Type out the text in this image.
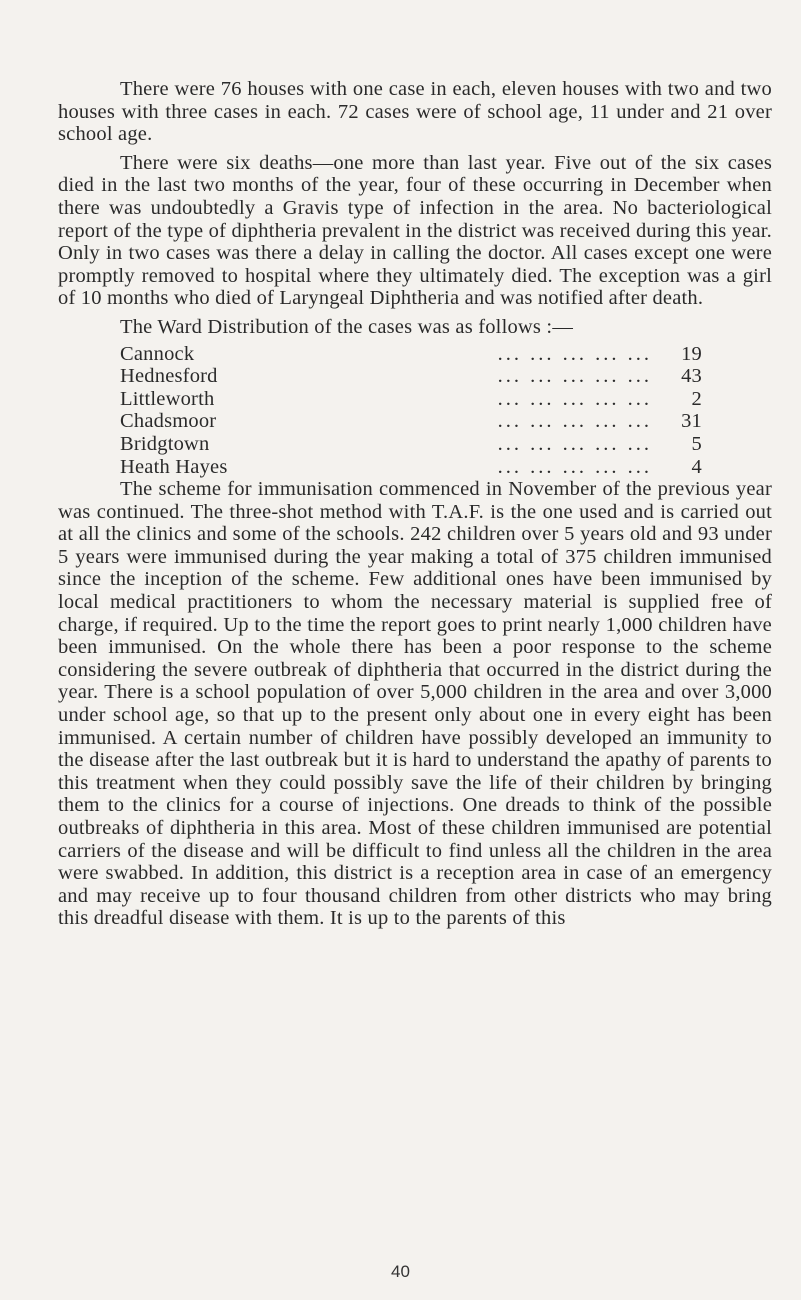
There were 76 houses with one case in each, eleven houses with two and two houses with three cases in each. 72 cases were of school age, 11 under and 21 over school age.

There were six deaths—one more than last year. Five out of the six cases died in the last two months of the year, four of these occurring in December when there was undoubtedly a Gravis type of infection in the area. No bacteriological report of the type of diphtheria prevalent in the district was received during this year. Only in two cases was there a delay in calling the doctor. All cases except one were promptly removed to hospital where they ultimately died. The exception was a girl of 10 months who died of Laryngeal Diphtheria and was notified after death.

The Ward Distribution of the cases was as follows :—

Cannock	... ... ... ... ...	19
Hednesford	... ... ... ... ...	43
Littleworth	... ... ... ... ...	2
Chadsmoor	... ... ... ... ...	31
Bridgtown	... ... ... ... ...	5
Heath Hayes	... ... ... ... ...	4

The scheme for immunisation commenced in November of the previous year was continued. The three-shot method with T.A.F. is the one used and is carried out at all the clinics and some of the schools. 242 children over 5 years old and 93 under 5 years were immunised during the year making a total of 375 children immunised since the inception of the scheme. Few additional ones have been immunised by local medical practitioners to whom the necessary material is supplied free of charge, if required. Up to the time the report goes to print nearly 1,000 children have been immunised. On the whole there has been a poor response to the scheme considering the severe outbreak of diphtheria that occurred in the district during the year. There is a school population of over 5,000 children in the area and over 3,000 under school age, so that up to the present only about one in every eight has been immunised. A certain number of children have possibly developed an immunity to the disease after the last outbreak but it is hard to understand the apathy of parents to this treatment when they could possibly save the life of their children by bringing them to the clinics for a course of injections. One dreads to think of the possible outbreaks of diphtheria in this area. Most of these children immunised are potential carriers of the disease and will be difficult to find unless all the children in the area were swabbed. In addition, this district is a reception area in case of an emergency and may receive up to four thousand children from other districts who may bring this dreadful disease with them. It is up to the parents of this

40
